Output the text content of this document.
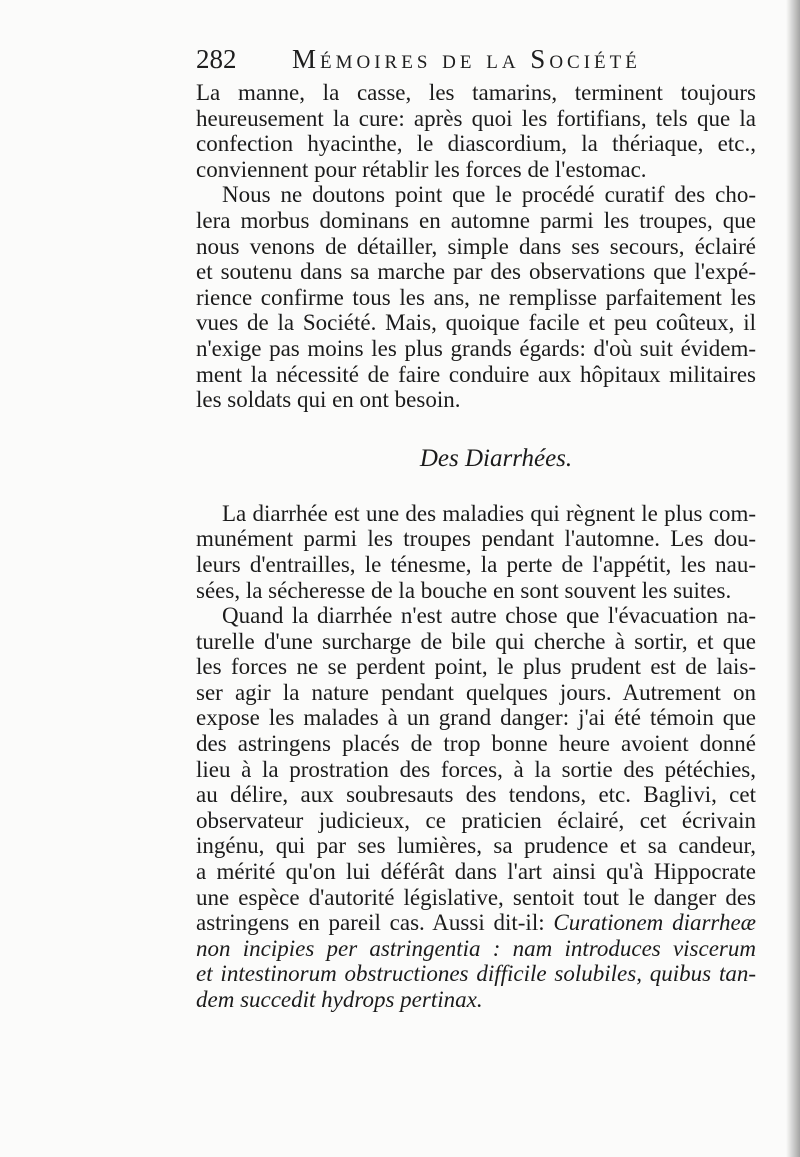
282 Mémoires de la Société
La manne, la casse, les tamarins, terminent toujours
heureusement la cure: après quoi les fortifians, tels que la
confection hyacinthe, le diascordium, la thériaque, etc.,
conviennent pour rétablir les forces de l'estomac.
Nous ne doutons point que le procédé curatif des cho-
lera morbus dominans en automne parmi les troupes, que
nous venons de détailler, simple dans ses secours, éclairé
et soutenu dans sa marche par des observations que l'expé-
rience confirme tous les ans, ne remplisse parfaitement les
vues de la Société. Mais, quoique facile et peu coûteux, il
n'exige pas moins les plus grands égards: d'où suit évidem-
ment la nécessité de faire conduire aux hôpitaux militaires
les soldats qui en ont besoin.
Des Diarrhées.
La diarrhée est une des maladies qui règnent le plus com-
munément parmi les troupes pendant l'automne. Les dou-
leurs d'entrailles, le ténesme, la perte de l'appétit, les nau-
sées, la sécheresse de la bouche en sont souvent les suites.
Quand la diarrhée n'est autre chose que l'évacuation na-
turelle d'une surcharge de bile qui cherche à sortir, et que
les forces ne se perdent point, le plus prudent est de lais-
ser agir la nature pendant quelques jours. Autrement on
expose les malades à un grand danger: j'ai été témoin que
des astringens placés de trop bonne heure avoient donné
lieu à la prostration des forces, à la sortie des pétéchies,
au délire, aux soubresauts des tendons, etc. Baglivi, cet
observateur judicieux, ce praticien éclairé, cet écrivain
ingénu, qui par ses lumières, sa prudence et sa candeur,
a mérité qu'on lui déférât dans l'art ainsi qu'à Hippocrate
une espèce d'autorité législative, sentoit tout le danger des
astringens en pareil cas. Aussi dit-il: Curationem diarrheæ
non incipies per astringentia : nam introduces viscerum
et intestinorum obstructiones difficile solubiles, quibus tan-
dem succedit hydrops pertinax.
